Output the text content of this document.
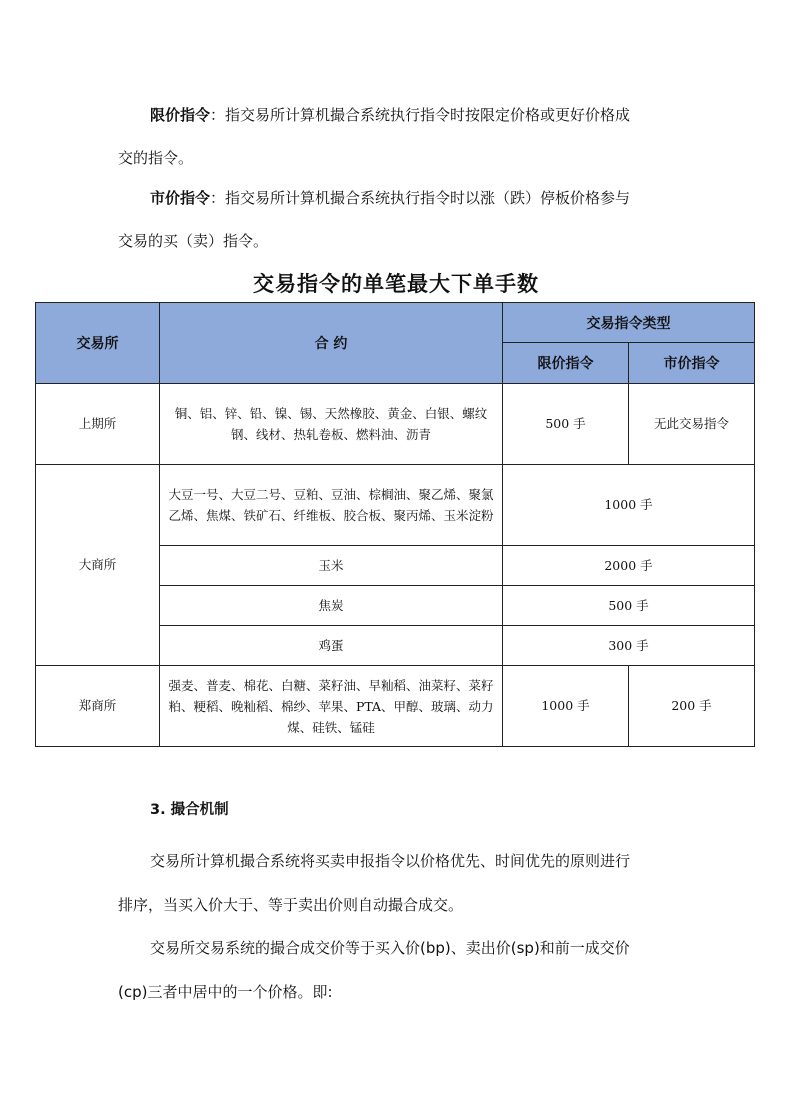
限价指令：指交易所计算机撮合系统执行指令时按限定价格或更好价格成

交的指令。

市价指令：指交易所计算机撮合系统执行指令时以涨（跌）停板价格参与

交易的买（卖）指令。

交易指令的单笔最大下单手数
交易所	合 约	交易指令类型	
		限价指令	市价指令
上期所	铜、铝、锌、铅、镍、锡、天然橡胶、黄金、白银、螺纹钢、线材、热轧卷板、燃料油、沥青	500 手	无此交易指令
大商所	大豆一号、大豆二号、豆粕、豆油、棕榈油、聚乙烯、聚氯乙烯、焦煤、铁矿石、纤维板、胶合板、聚丙烯、玉米淀粉	1000 手	
	玉米	2000 手	
	焦炭	500 手	
	鸡蛋	300 手	
郑商所	强麦、普麦、棉花、白糖、菜籽油、早籼稻、油菜籽、菜籽粕、粳稻、晚籼稻、棉纱、苹果、PTA、甲醇、玻璃、动力煤、硅铁、锰硅	1000 手	200 手
3. 撮合机制

交易所计算机撮合系统将买卖申报指令以价格优先、时间优先的原则进行

排序，当买入价大于、等于卖出价则自动撮合成交。

交易所交易系统的撮合成交价等于买入价(bp)、卖出价(sp)和前一成交价

(cp)三者中居中的一个价格。即:
